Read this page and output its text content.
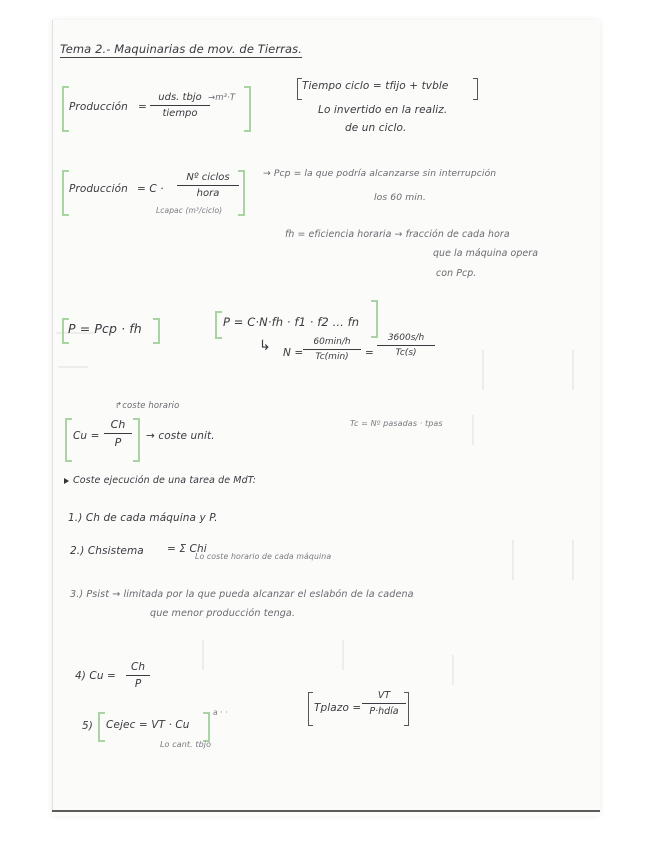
Tema 2.- Maquinarias de mov. de Tierras.
Producción =
uds. tbjo
tiempo
→m³·T
Tiempo ciclo = tfijo + tvble
Lo invertido en la realiz.
de un ciclo.
Producción = C ·
Nº ciclos
hora
Lcapac (m³/ciclo)
→ Pcp = la que podría alcanzarse sin interrupción
los 60 min.
fh = eficiencia horaria → fracción de cada hora
que la máquina opera
con Pcp.
P = Pcp · fh	P = C·N·fh · f1 · f2 ... fn
↳ N =
60min/h
Tc(min)	= $\frac{3600s/h}{Tc(s)}$
↱coste horario
$Cu = \frac{Ch}{P}$ → coste unit.
Tc = Nº pasadas · tpas
Coste ejecución de una tarea de MdT:
1.) Ch de cada máquina y P.
2.) Chsistema = Σ Chi
Lo coste horario de cada máquina
3.) Psist → limitada por la que pueda alcanzar el eslabón de la cadena
que menor producción tenga.
4) $Cu = \frac{Ch}{P}$
5) Cejec = VT · Cu
a · ·
Lo cant. tbjo
Tplazo =
VT
P·hdía
